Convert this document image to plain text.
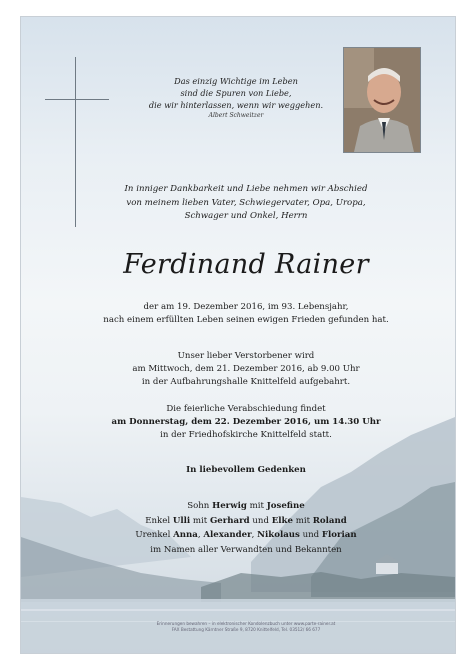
Das einzig Wichtige im Leben
sind die Spuren von Liebe,
die wir hinterlassen, wenn wir weggehen.
Albert Schweitzer
In inniger Dankbarkeit und Liebe nehmen wir Abschied
von meinem lieben Vater, Schwiegervater, Opa, Uropa,
Schwager und Onkel, Herrn
Ferdinand Rainer
der am 19. Dezember 2016, im 93. Lebensjahr,
nach einem erfüllten Leben seinen ewigen Frieden gefunden hat.
Unser lieber Verstorbener wird
am Mittwoch, dem 21. Dezember 2016, ab 9.00 Uhr
in der Aufbahrungshalle Knittelfeld aufgebahrt.
Die feierliche Verabschiedung findet
am Donnerstag, dem 22. Dezember 2016, um 14.30 Uhr
in der Friedhofskirche Knittelfeld statt.
In liebevollem Gedenken
Sohn Herwig mit Josefine
Enkel Ulli mit Gerhard und Elke mit Roland
Urenkel Anna, Alexander, Nikolaus und Florian
im Namen aller Verwandten und Bekannten
Erinnerungen bewahren – in elektronischer Kondolenzbuch unter www.parte-rainer.at
FAX Bestattung Kärntner Straße 9, 8720 Knittelfeld, Tel. 03512/ 66 677
